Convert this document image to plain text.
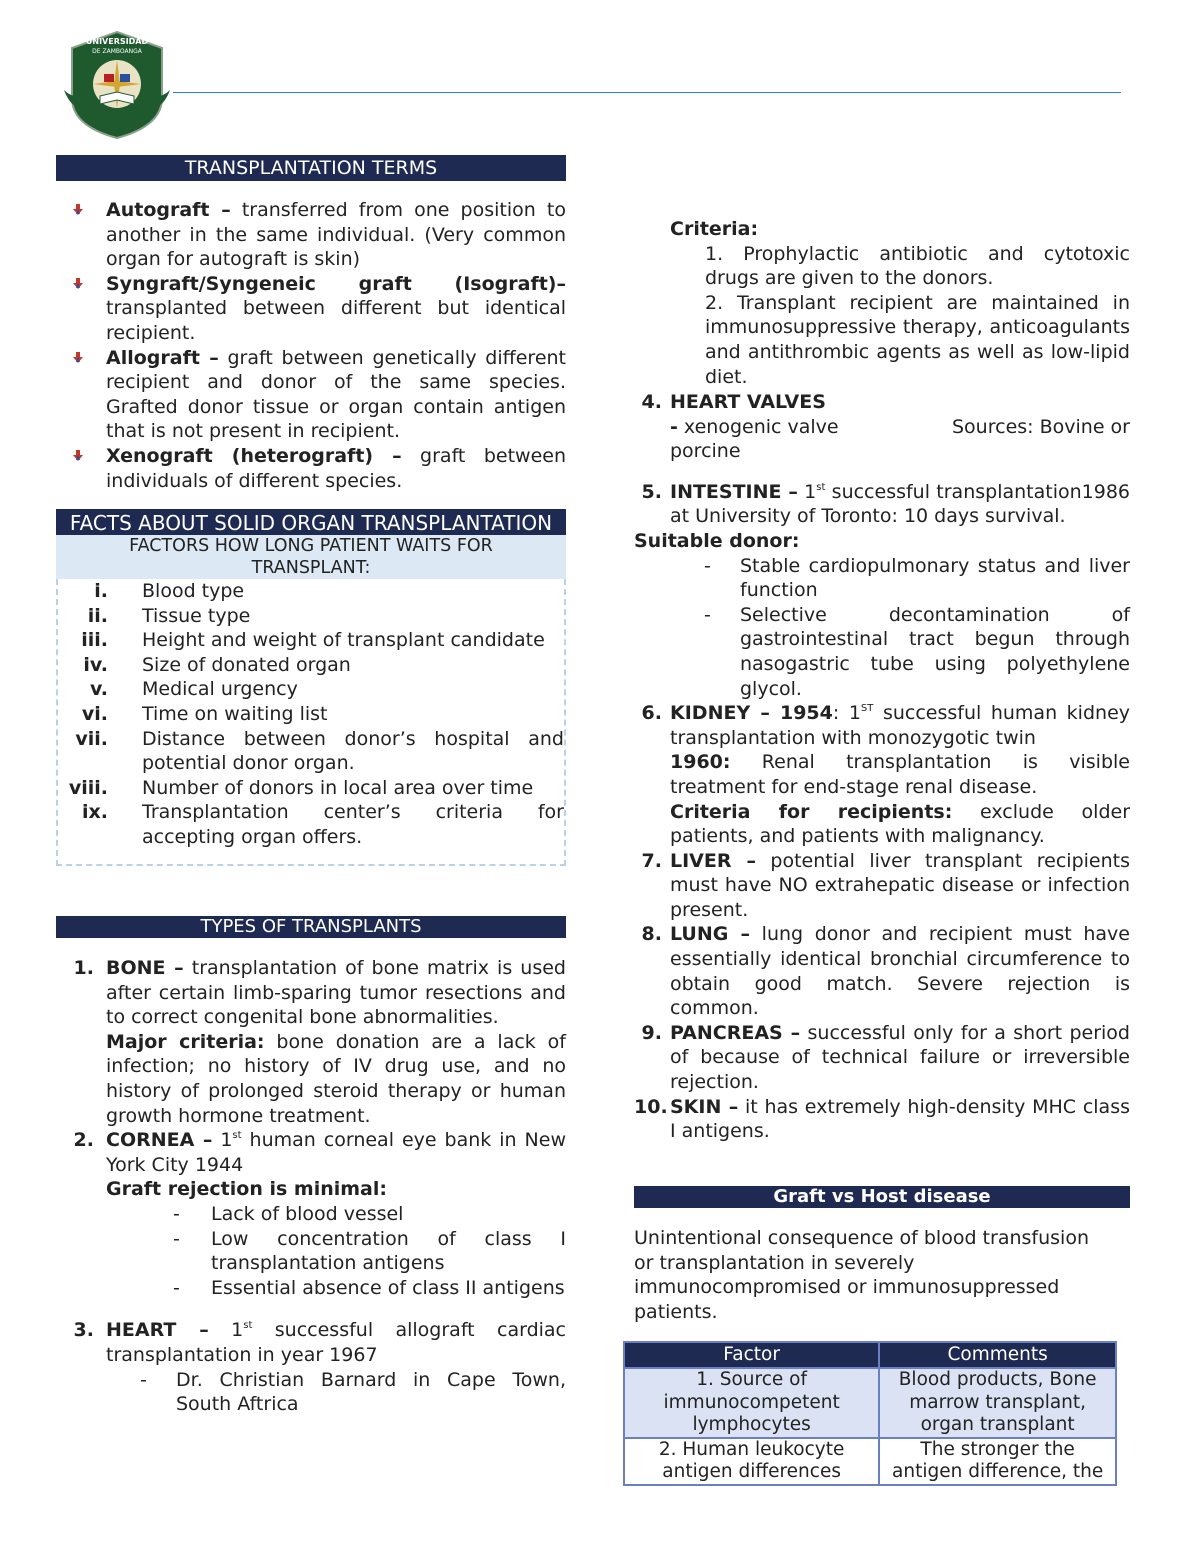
UNIVERSIDAD
DE ZAMBOANGA
TRANSPLANTATION TERMS
Autograft – transferred from one position to another in the same individual. (Very common organ for autograft is skin)
Syngraft/Syngeneic graft (Isograft)– transplanted between different but identical recipient.
Allograft – graft between genetically different recipient and donor of the same species. Grafted donor tissue or organ contain antigen that is not present in recipient.
Xenograft (heterograft) – graft between individuals of different species.
FACTS ABOUT SOLID ORGAN TRANSPLANTATION
FACTORS HOW LONG PATIENT WAITS FOR TRANSPLANT:
i. Blood type
ii. Tissue type
iii. Height and weight of transplant candidate
iv. Size of donated organ
v. Medical urgency
vi. Time on waiting list
vii. Distance between donor’s hospital and potential donor organ.
viii. Number of donors in local area over time
ix. Transplantation center’s criteria for accepting organ offers.
TYPES OF TRANSPLANTS
1. BONE – transplantation of bone matrix is used after certain limb-sparing tumor resections and to correct congenital bone abnormalities.

Major criteria: bone donation are a lack of infection; no history of IV drug use, and no history of prolonged steroid therapy or human growth hormone treatment.

2. CORNEA – 1st human corneal eye bank in New York City 1944

Graft rejection is minimal:

- Lack of blood vessel
- Low concentration of class I transplantation antigens
- Essential absence of class II antigens
3. HEART – 1st successful allograft cardiac transplantation in year 1967
- Dr. Christian Barnard in Cape Town, South Aftrica

Criteria:

1. Prophylactic antibiotic and cytotoxic drugs are given to the donors.

2. Transplant recipient are maintained in immunosuppressive therapy, anticoagulants and antithrombic agents as well as low-lipid diet.

4. HEART VALVES
- xenogenic valve	Sources: Bovine or
porcine
5. INTESTINE – 1st successful transplantation1986 at University of Toronto: 10 days survival.

Suitable donor:

- Stable cardiopulmonary status and liver function
- Selective decontamination of gastrointestinal tract begun through nasogastric tube using polyethylene glycol.
6. KIDNEY – 1954: 1ST successful human kidney transplantation with monozygotic twin

1960: Renal transplantation is visible treatment for end-stage renal disease.

Criteria for recipients: exclude older patients, and patients with malignancy.

7. LIVER – potential liver transplant recipients must have NO extrahepatic disease or infection present.
8. LUNG – lung donor and recipient must have essentially identical bronchial circumference to obtain good match. Severe rejection is common.
9. PANCREAS – successful only for a short period of because of technical failure or irreversible rejection.
10. SKIN – it has extremely high-density MHC class I antigens.
Graft vs Host disease

Unintentional consequence of blood transfusion or transplantation in severely immunocompromised or immunosuppressed patients.

Factor	Comments
1. Source of immunocompetent lymphocytes	Blood products, Bone marrow transplant, organ transplant
2. Human leukocyte antigen differences	The stronger the antigen difference, the
